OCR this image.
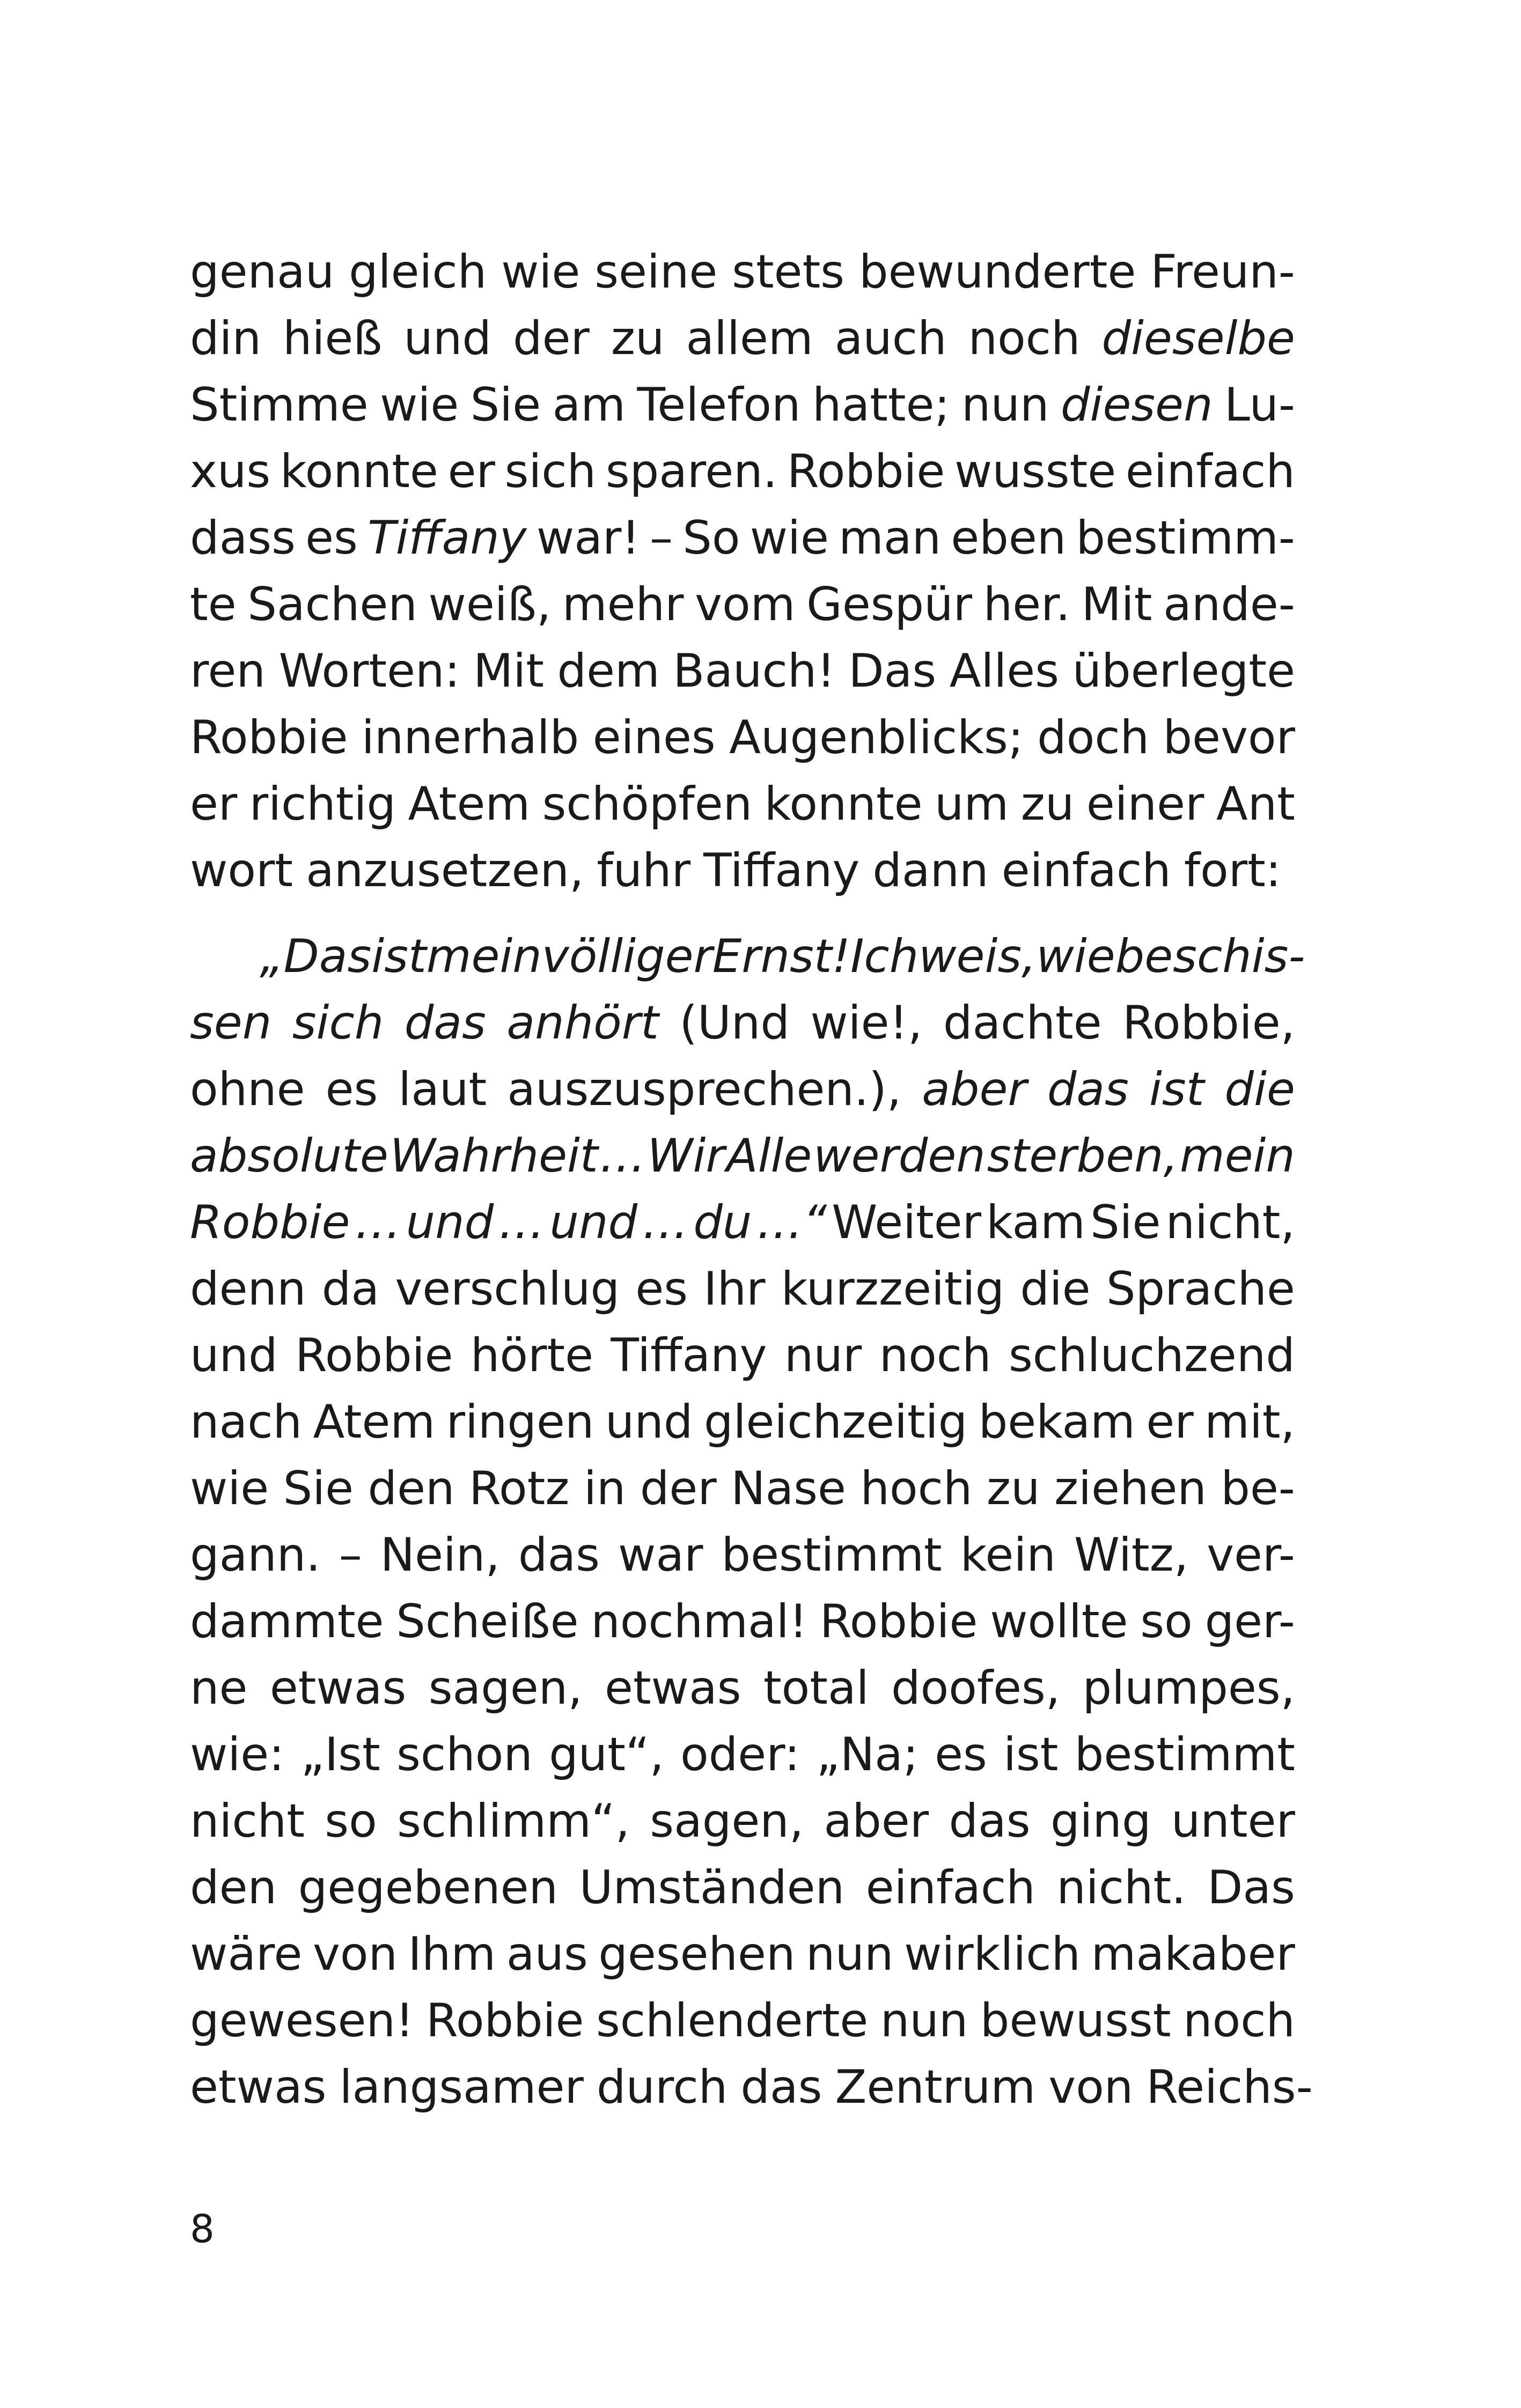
genau gleich wie seine stets bewunderte Freun-
din hieß und der zu allem auch noch dieselbe
Stimme wie Sie am Telefon hatte; nun diesen Lu-
xus konnte er sich sparen. Robbie wusste einfach
dass es Tiffany war! – So wie man eben bestimm-
te Sachen weiß, mehr vom Gespür her. Mit ande-
ren Worten: Mit dem Bauch! Das Alles überlegte
Robbie innerhalb eines Augenblicks; doch bevor
er richtig Atem schöpfen konnte um zu einer Ant
wort anzusetzen, fuhr Tiffany dann einfach fort:
„Das ist mein völliger Ernst! Ich weis, wie beschis-
sen sich das anhört (Und wie!, dachte Robbie,
ohne es laut auszusprechen.), aber das ist die
absolute Wahrheit … Wir Alle werden sterben, mein
Robbie … und … und … du …“ Weiter kam Sie nicht,
denn da verschlug es Ihr kurzzeitig die Sprache
und Robbie hörte Tiffany nur noch schluchzend
nach Atem ringen und gleichzeitig bekam er mit,
wie Sie den Rotz in der Nase hoch zu ziehen be-
gann. – Nein, das war bestimmt kein Witz, ver-
dammte Scheiße nochmal! Robbie wollte so ger-
ne etwas sagen, etwas total doofes, plumpes,
wie: „Ist schon gut“, oder: „Na; es ist bestimmt
nicht so schlimm“, sagen, aber das ging unter
den gegebenen Umständen einfach nicht. Das
wäre von Ihm aus gesehen nun wirklich makaber
gewesen! Robbie schlenderte nun bewusst noch
etwas langsamer durch das Zentrum von Reichs-
8
